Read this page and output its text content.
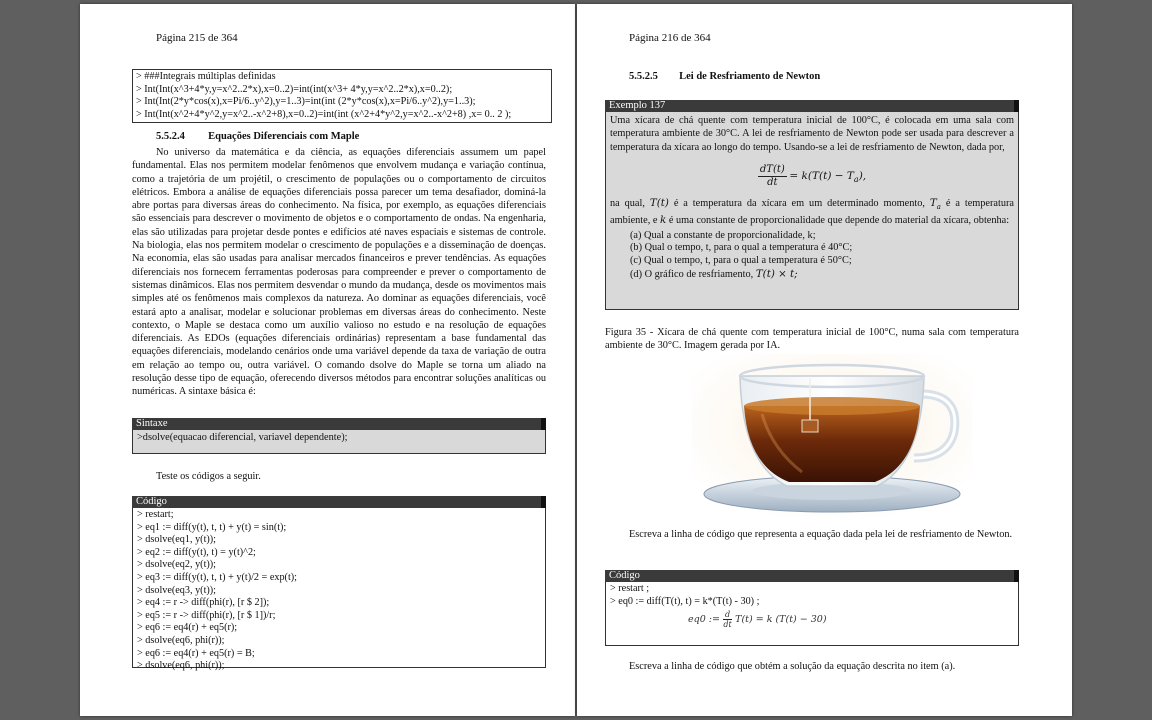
Página 215 de 364
> ###Integrais múltiplas definidas
> Int(Int(x^3+4*y,y=x^2..2*x),x=0..2)=int(int(x^3+ 4*y,y=x^2..2*x),x=0..2);
> Int(Int(2*y*cos(x),x=Pi/6..y^2),y=1..3)=int(int (2*y*cos(x),x=Pi/6..y^2),y=1..3);
> Int(Int(x^2+4*y^2,y=x^2..-x^2+8),x=0..2)=int(int (x^2+4*y^2,y=x^2..-x^2+8) ,x= 0.. 2 );
5.5.2.4 Equações Diferenciais com Maple
No universo da matemática e da ciência, as equações diferenciais assumem um papel fundamental. Elas nos permitem modelar fenômenos que envolvem mudança e variação contínua, como a trajetória de um projétil, o crescimento de populações ou o comportamento de circuitos elétricos. Embora a análise de equações diferenciais possa parecer um tema desafiador, dominá-la abre portas para diversas áreas do conhecimento. Na física, por exemplo, as equações diferenciais são essenciais para descrever o movimento de objetos e o comportamento de ondas. Na engenharia, elas são utilizadas para projetar desde pontes e edifícios até naves espaciais e sistemas de controle. Na biologia, elas nos permitem modelar o crescimento de populações e a disseminação de doenças. Na economia, elas são usadas para analisar mercados financeiros e prever tendências. As equações diferenciais nos fornecem ferramentas poderosas para compreender e prever o comportamento de sistemas dinâmicos. Elas nos permitem desvendar o mundo da mudança, desde os movimentos mais simples até os fenômenos mais complexos da natureza. Ao dominar as equações diferenciais, você estará apto a analisar, modelar e solucionar problemas em diversas áreas do conhecimento. Neste contexto, o Maple se destaca como um auxílio valioso no estudo e na resolução de equações diferenciais. As EDOs (equações diferenciais ordinárias) representam a base fundamental das equações diferenciais, modelando cenários onde uma variável depende da taxa de variação de outra em relação ao tempo ou, outra variável. O comando dsolve do Maple se torna um aliado na resolução desse tipo de equação, oferecendo diversos métodos para encontrar soluções analíticas ou numéricas. A sintaxe básica é:
Sintaxe
>dsolve(equacao diferencial, variavel dependente);
Teste os códigos a seguir.
Código
> restart;
> eq1 := diff(y(t), t, t) + y(t) = sin(t);
> dsolve(eq1, y(t));
> eq2 := diff(y(t), t) = y(t)^2;
> dsolve(eq2, y(t));
> eq3 := diff(y(t), t, t) + y(t)/2 = exp(t);
> dsolve(eq3, y(t));
> eq4 := r -> diff(phi(r), [r $ 2]);
> eq5 := r -> diff(phi(r), [r $ 1])/r;
> eq6 := eq4(r) + eq5(r);
> dsolve(eq6, phi(r));
> eq6 := eq4(r) + eq5(r) = B;
> dsolve(eq6, phi(r));
Página 216 de 364
5.5.2.5 Lei de Resfriamento de Newton
Exemplo 137
Uma xícara de chá quente com temperatura inicial de 100°C, é colocada em uma sala com temperatura ambiente de 30°C. A lei de resfriamento de Newton pode ser usada para descrever a temperatura da xícara ao longo do tempo. Usando-se a lei de resfriamento de Newton, dada por,
$\frac{dT(t)}{dt} = k(T(t) - T_a)$,
na qual, T(t) é a temperatura da xícara em um determinado momento, $T_a$ é a temperatura ambiente, e k é uma constante de proporcionalidade que depende do material da xícara, obtenha:
(a) Qual a constante de proporcionalidade, k;
(b) Qual o tempo, t, para o qual a temperatura é 40°C;
(c) Qual o tempo, t, para o qual a temperatura é 50°C;
(d) O gráfico de resfriamento, T(t) × t;
Figura 35 - Xícara de chá quente com temperatura inicial de 100°C, numa sala com temperatura ambiente de 30°C. Imagem gerada por IA.
Escreva a linha de código que representa a equação dada pela lei de resfriamento de Newton.
Código
> restart ;
> eq0 := diff(T(t), t) = k*(T(t) - 30) ;
eq0 := $\frac{d}{dt} T(t) = k$ (T(t) − 30)
Escreva a linha de código que obtém a solução da equação descrita no item (a).
